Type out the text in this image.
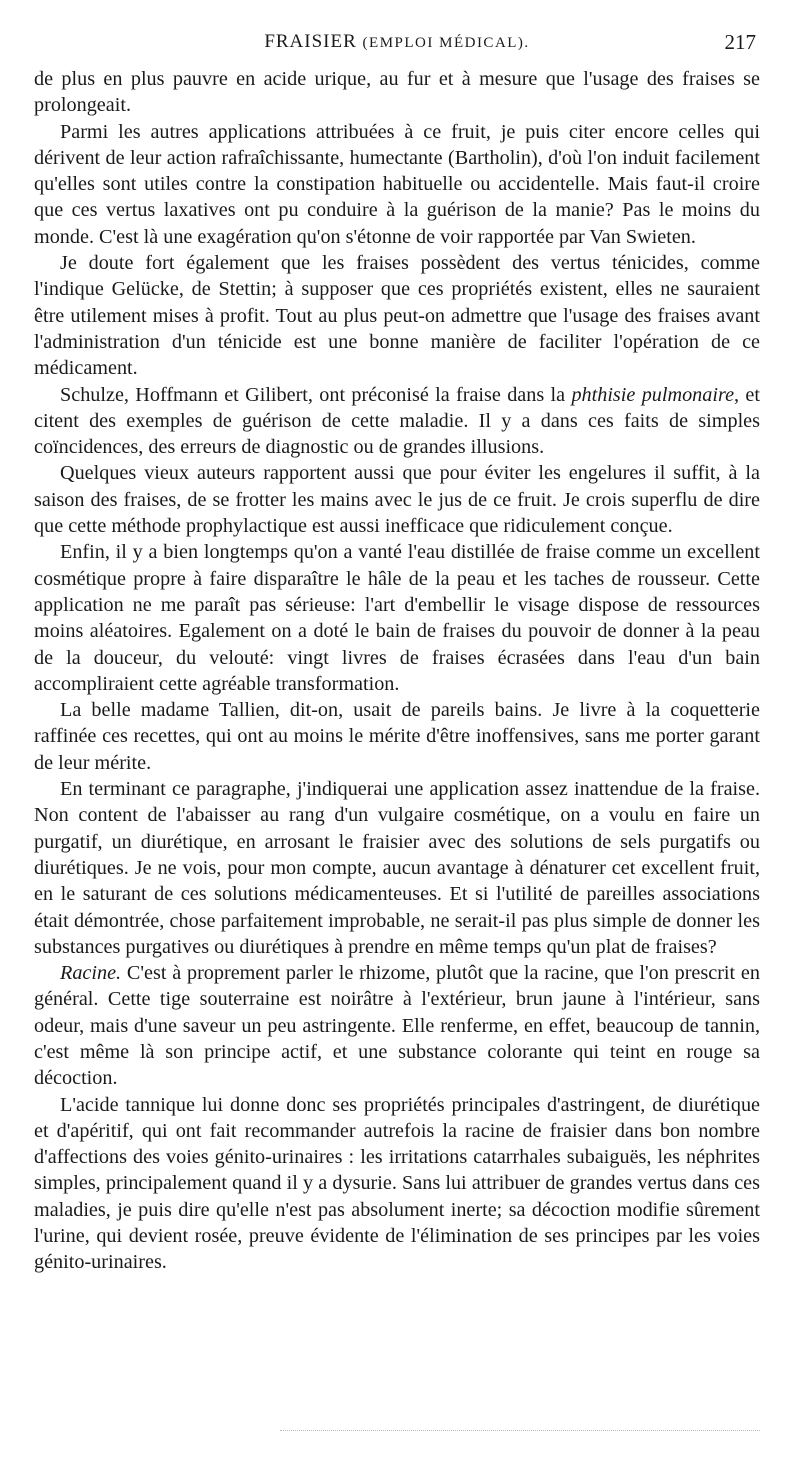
FRAISIER (EMPLOI MÉDICAL).	217

de plus en plus pauvre en acide urique, au fur et à mesure que l'usage des fraises se prolongeait.

Parmi les autres applications attribuées à ce fruit, je puis citer encore celles qui dérivent de leur action rafraîchissante, humectante (Bartholin), d'où l'on induit facilement qu'elles sont utiles contre la constipation habituelle ou accidentelle. Mais faut-il croire que ces vertus laxatives ont pu conduire à la guérison de la manie? Pas le moins du monde. C'est là une exagération qu'on s'étonne de voir rapportée par Van Swieten.

Je doute fort également que les fraises possèdent des vertus ténicides, comme l'indique Gelücke, de Stettin; à supposer que ces propriétés existent, elles ne sauraient être utilement mises à profit. Tout au plus peut-on admettre que l'usage des fraises avant l'administration d'un ténicide est une bonne manière de faciliter l'opération de ce médicament.

Schulze, Hoffmann et Gilibert, ont préconisé la fraise dans la phthisie pulmonaire, et citent des exemples de guérison de cette maladie. Il y a dans ces faits de simples coïncidences, des erreurs de diagnostic ou de grandes illusions.

Quelques vieux auteurs rapportent aussi que pour éviter les engelures il suffit, à la saison des fraises, de se frotter les mains avec le jus de ce fruit. Je crois superflu de dire que cette méthode prophylactique est aussi inefficace que ridiculement conçue.

Enfin, il y a bien longtemps qu'on a vanté l'eau distillée de fraise comme un excellent cosmétique propre à faire disparaître le hâle de la peau et les taches de rousseur. Cette application ne me paraît pas sérieuse: l'art d'embellir le visage dispose de ressources moins aléatoires. Egalement on a doté le bain de fraises du pouvoir de donner à la peau de la douceur, du velouté: vingt livres de fraises écrasées dans l'eau d'un bain accompliraient cette agréable transformation.

La belle madame Tallien, dit-on, usait de pareils bains. Je livre à la coquetterie raffinée ces recettes, qui ont au moins le mérite d'être inoffensives, sans me porter garant de leur mérite.

En terminant ce paragraphe, j'indiquerai une application assez inattendue de la fraise. Non content de l'abaisser au rang d'un vulgaire cosmétique, on a voulu en faire un purgatif, un diurétique, en arrosant le fraisier avec des solutions de sels purgatifs ou diurétiques. Je ne vois, pour mon compte, aucun avantage à dénaturer cet excellent fruit, en le saturant de ces solutions médicamenteuses. Et si l'utilité de pareilles associations était démontrée, chose parfaitement improbable, ne serait-il pas plus simple de donner les substances purgatives ou diurétiques à prendre en même temps qu'un plat de fraises?

Racine. C'est à proprement parler le rhizome, plutôt que la racine, que l'on prescrit en général. Cette tige souterraine est noirâtre à l'extérieur, brun jaune à l'intérieur, sans odeur, mais d'une saveur un peu astringente. Elle renferme, en effet, beaucoup de tannin, c'est même là son principe actif, et une substance colorante qui teint en rouge sa décoction.

L'acide tannique lui donne donc ses propriétés principales d'astringent, de diurétique et d'apéritif, qui ont fait recommander autrefois la racine de fraisier dans bon nombre d'affections des voies génito-urinaires : les irritations catarrhales subaiguës, les néphrites simples, principalement quand il y a dysurie. Sans lui attribuer de grandes vertus dans ces maladies, je puis dire qu'elle n'est pas absolument inerte; sa décoction modifie sûrement l'urine, qui devient rosée, preuve évidente de l'élimination de ses principes par les voies génito-urinaires.
